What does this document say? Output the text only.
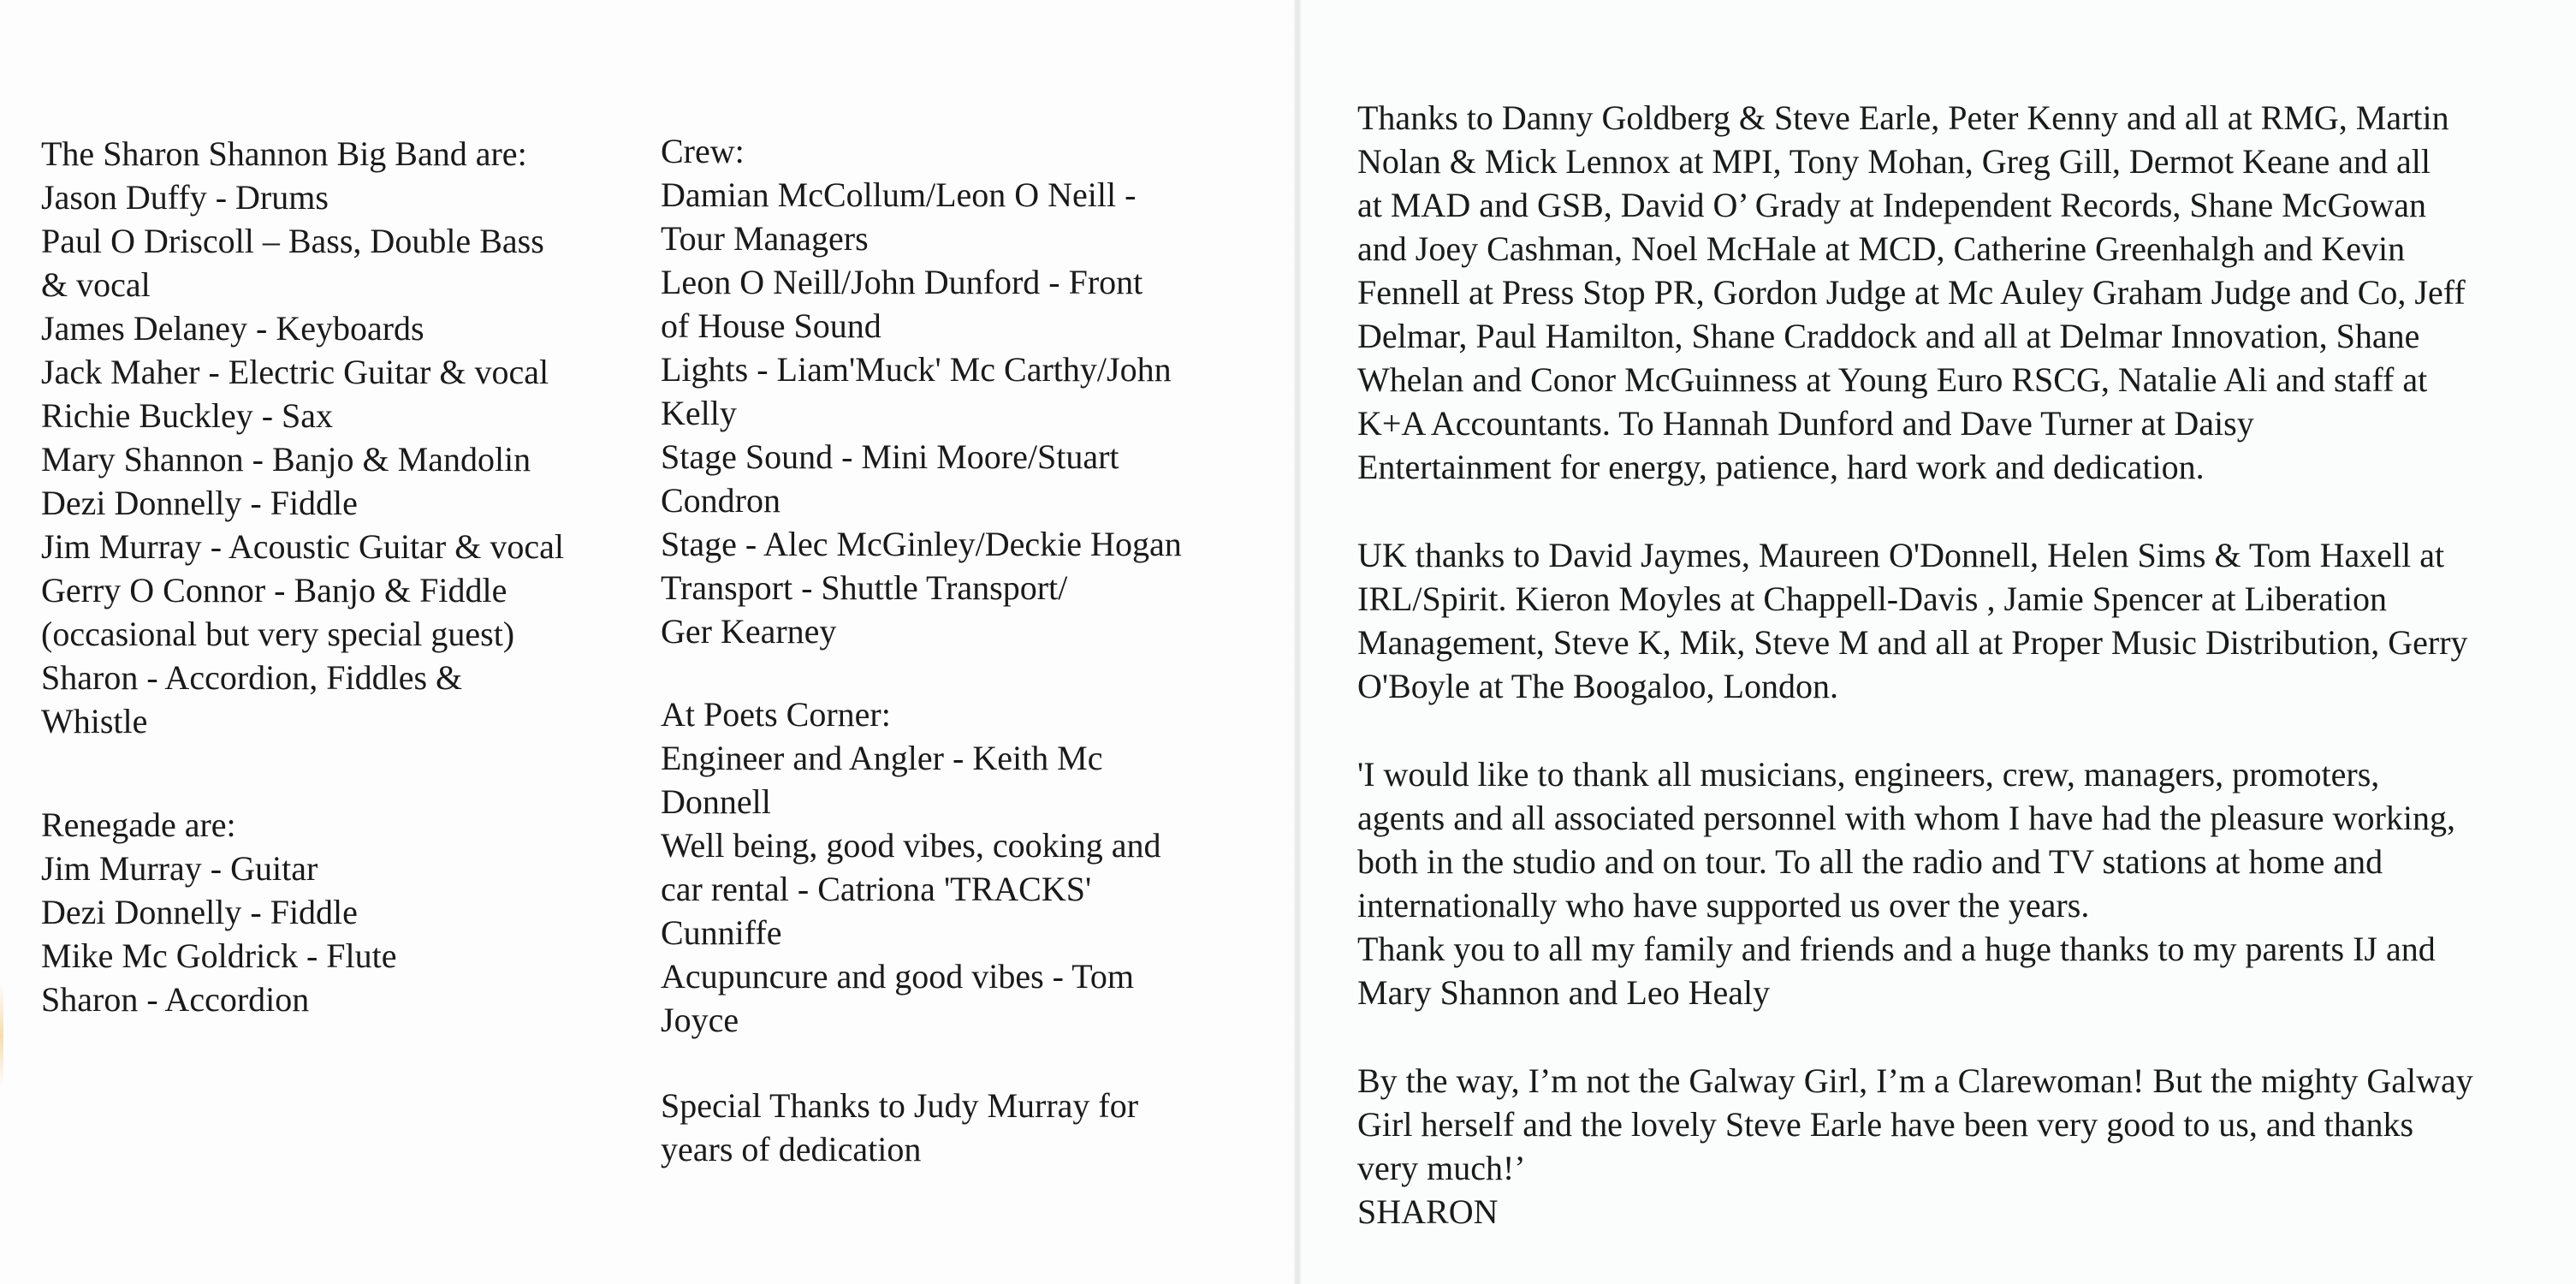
The Sharon Shannon Big Band are:
Jason Duffy - Drums
Paul O Driscoll – Bass, Double Bass
& vocal
James Delaney - Keyboards
Jack Maher - Electric Guitar & vocal
Richie Buckley - Sax
Mary Shannon - Banjo & Mandolin
Dezi Donnelly - Fiddle
Jim Murray - Acoustic Guitar & vocal
Gerry O Connor - Banjo & Fiddle
(occasional but very special guest)
Sharon - Accordion, Fiddles &
Whistle
Renegade are:
Jim Murray - Guitar
Dezi Donnelly - Fiddle
Mike Mc Goldrick - Flute
Sharon - Accordion
Crew:
Damian McCollum/Leon O Neill -
Tour Managers
Leon O Neill/John Dunford - Front
of House Sound
Lights - Liam'Muck' Mc Carthy/John
Kelly
Stage Sound - Mini Moore/Stuart
Condron
Stage - Alec McGinley/Deckie Hogan
Transport - Shuttle Transport/
Ger Kearney
At Poets Corner:
Engineer and Angler - Keith Mc
Donnell
Well being, good vibes, cooking and
car rental - Catriona 'TRACKS'
Cunniffe
Acupuncure and good vibes - Tom
Joyce
Special Thanks to Judy Murray for
years of dedication
Thanks to Danny Goldberg & Steve Earle, Peter Kenny and all at RMG, Martin
Nolan & Mick Lennox at MPI, Tony Mohan, Greg Gill, Dermot Keane and all
at MAD and GSB, David O’ Grady at Independent Records, Shane McGowan
and Joey Cashman, Noel McHale at MCD, Catherine Greenhalgh and Kevin
Fennell at Press Stop PR, Gordon Judge at Mc Auley Graham Judge and Co, Jeff
Delmar, Paul Hamilton, Shane Craddock and all at Delmar Innovation, Shane
Whelan and Conor McGuinness at Young Euro RSCG, Natalie Ali and staff at
K+A Accountants. To Hannah Dunford and Dave Turner at Daisy
Entertainment for energy, patience, hard work and dedication.
UK thanks to David Jaymes, Maureen O'Donnell, Helen Sims & Tom Haxell at
IRL/Spirit. Kieron Moyles at Chappell-Davis , Jamie Spencer at Liberation
Management, Steve K, Mik, Steve M and all at Proper Music Distribution, Gerry
O'Boyle at The Boogaloo, London.
'I would like to thank all musicians, engineers, crew, managers, promoters,
agents and all associated personnel with whom I have had the pleasure working,
both in the studio and on tour. To all the radio and TV stations at home and
internationally who have supported us over the years.
Thank you to all my family and friends and a huge thanks to my parents IJ and
Mary Shannon and Leo Healy
By the way, I’m not the Galway Girl, I’m a Clarewoman! But the mighty Galway
Girl herself and the lovely Steve Earle have been very good to us, and thanks
very much!’
SHARON
